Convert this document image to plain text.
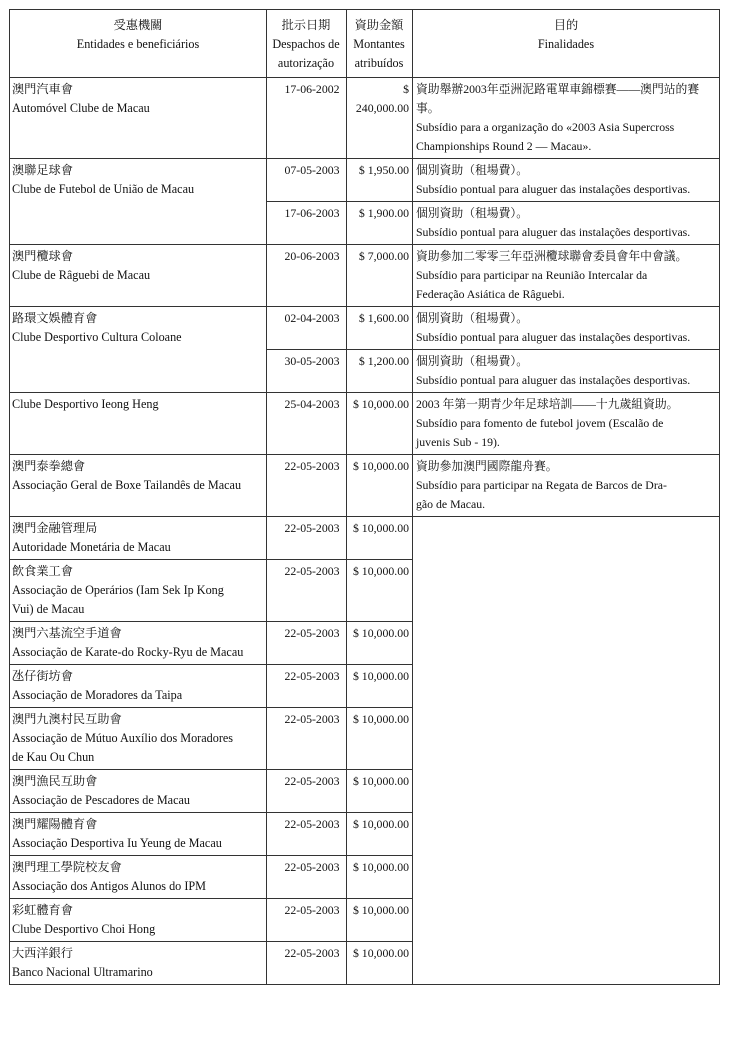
受惠機關
Entidades e beneficiários	批示日期
Despachos de
autorização	資助金額
Montantes
atribuídos	目的
Finalidades

澳門汽車會
Automóvel Clube de Macau	17-06-2002	$ 240,000.00	資助舉辦2003年亞洲泥路電單車錦標賽——澳門站的賽
事。
Subsídio para a organização do «2003 Asia Supercross
Championships Round 2 — Macau».

澳聯足球會
Clube de Futebol de União de Macau	07-05-2003	$ 1,950.00	個別資助（租場費）。
Subsídio pontual para aluguer das instalações desportivas.

	17-06-2003	$ 1,900.00	個別資助（租場費）。
Subsídio pontual para aluguer das instalações desportivas.

澳門欖球會
Clube de Râguebi de Macau	20-06-2003	$ 7,000.00	資助參加二零零三年亞洲欖球聯會委員會年中會議。
Subsídio para participar na Reunião Intercalar da
Federação Asiática de Râguebi.

路環文娛體育會
Clube Desportivo Cultura Coloane	02-04-2003	$ 1,600.00	個別資助（租場費）。
Subsídio pontual para aluguer das instalações desportivas.

	30-05-2003	$ 1,200.00	個別資助（租場費）。
Subsídio pontual para aluguer das instalações desportivas.

Clube Desportivo Ieong Heng	25-04-2003	$ 10,000.00	2003 年第一期青少年足球培訓——十九歲組資助。
Subsídio para fomento de futebol jovem (Escalão de
juvenis Sub - 19).

澳門泰拳總會
Associação Geral de Boxe Tailandês de Macau	22-05-2003	$ 10,000.00	資助參加澳門國際龍舟賽。
Subsídio para participar na Regata de Barcos de Dra-
gão de Macau.

澳門金融管理局
Autoridade Monetária de Macau	22-05-2003	$ 10,000.00	

飲食業工會
Associação de Operários (Iam Sek Ip Kong
Vui) de Macau	22-05-2003	$ 10,000.00	

澳門六基流空手道會
Associação de Karate-do Rocky-Ryu de Macau	22-05-2003	$ 10,000.00	

氹仔街坊會
Associação de Moradores da Taipa	22-05-2003	$ 10,000.00	

澳門九澳村民互助會
Associação de Mútuo Auxílio dos Moradores
de Kau Ou Chun	22-05-2003	$ 10,000.00	

澳門漁民互助會
Associação de Pescadores de Macau	22-05-2003	$ 10,000.00	

澳門耀陽體育會
Associação Desportiva Iu Yeung de Macau	22-05-2003	$ 10,000.00	

澳門理工學院校友會
Associação dos Antigos Alunos do IPM	22-05-2003	$ 10,000.00	

彩虹體育會
Clube Desportivo Choi Hong	22-05-2003	$ 10,000.00	

大西洋銀行
Banco Nacional Ultramarino	22-05-2003	$ 10,000.00	
